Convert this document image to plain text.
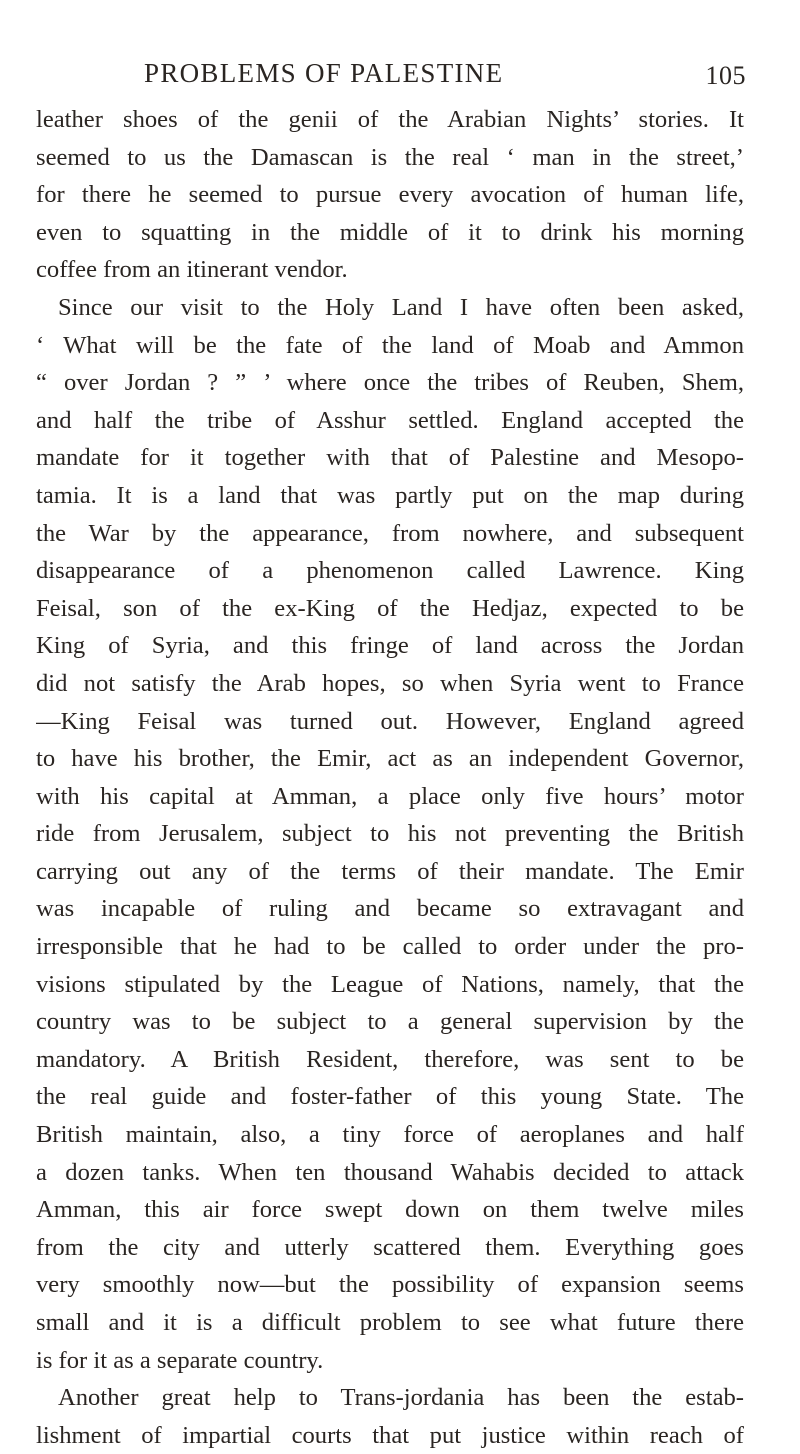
PROBLEMS OF PALESTINE	105
leather shoes of the genii of the Arabian Nights’ stories. It
seemed to us the Damascan is the real ‘ man in the street,’
for there he seemed to pursue every avocation of human life,
even to squatting in the middle of it to drink his morning
coffee from an itinerant vendor.
Since our visit to the Holy Land I have often been asked,
‘ What will be the fate of the land of Moab and Ammon
“ over Jordan ? ” ’ where once the tribes of Reuben, Shem,
and half the tribe of Asshur settled. England accepted the
mandate for it together with that of Palestine and Mesopo-
tamia. It is a land that was partly put on the map during
the War by the appearance, from nowhere, and subsequent
disappearance of a phenomenon called Lawrence. King
Feisal, son of the ex-King of the Hedjaz, expected to be
King of Syria, and this fringe of land across the Jordan
did not satisfy the Arab hopes, so when Syria went to France
—King Feisal was turned out. However, England agreed
to have his brother, the Emir, act as an independent Governor,
with his capital at Amman, a place only five hours’ motor
ride from Jerusalem, subject to his not preventing the British
carrying out any of the terms of their mandate. The Emir
was incapable of ruling and became so extravagant and
irresponsible that he had to be called to order under the pro-
visions stipulated by the League of Nations, namely, that the
country was to be subject to a general supervision by the
mandatory. A British Resident, therefore, was sent to be
the real guide and foster-father of this young State. The
British maintain, also, a tiny force of aeroplanes and half
a dozen tanks. When ten thousand Wahabis decided to attack
Amman, this air force swept down on them twelve miles
from the city and utterly scattered them. Everything goes
very smoothly now—but the possibility of expansion seems
small and it is a difficult problem to see what future there
is for it as a separate country.
Another great help to Trans-jordania has been the estab-
lishment of impartial courts that put justice within reach of
